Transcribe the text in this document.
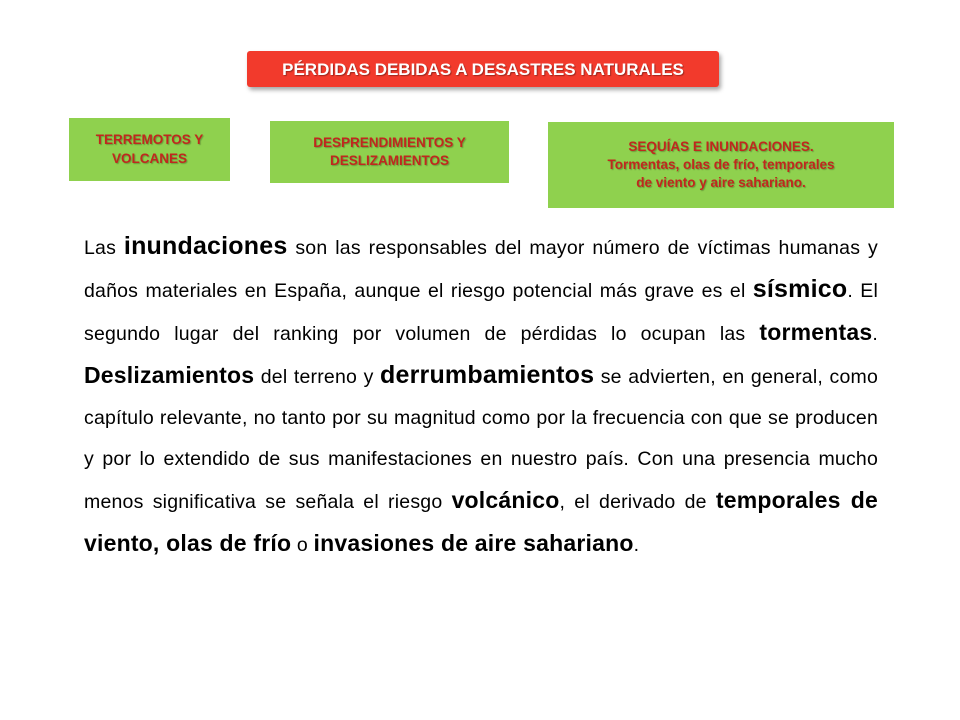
PÉRDIDAS DEBIDAS A DESASTRES NATURALES
TERREMOTOS Y
VOLCANES
DESPRENDIMIENTOS Y
DESLIZAMIENTOS
SEQUÍAS E INUNDACIONES.
Tormentas, olas de frío, temporales
de viento y aire sahariano.

Las inundaciones son las responsables del mayor número de víctimas humanas y daños materiales en España, aunque el riesgo potencial más grave es el sísmico. El segundo lugar del ranking por volumen de pérdidas lo ocupan las tormentas. Deslizamientos del terreno y derrumbamientos se advierten, en general, como capítulo relevante, no tanto por su magnitud como por la frecuencia con que se producen y por lo extendido de sus manifestaciones en nuestro país. Con una presencia mucho menos significativa se señala el riesgo volcánico, el derivado de temporales de viento, olas de frío o invasiones de aire sahariano.
